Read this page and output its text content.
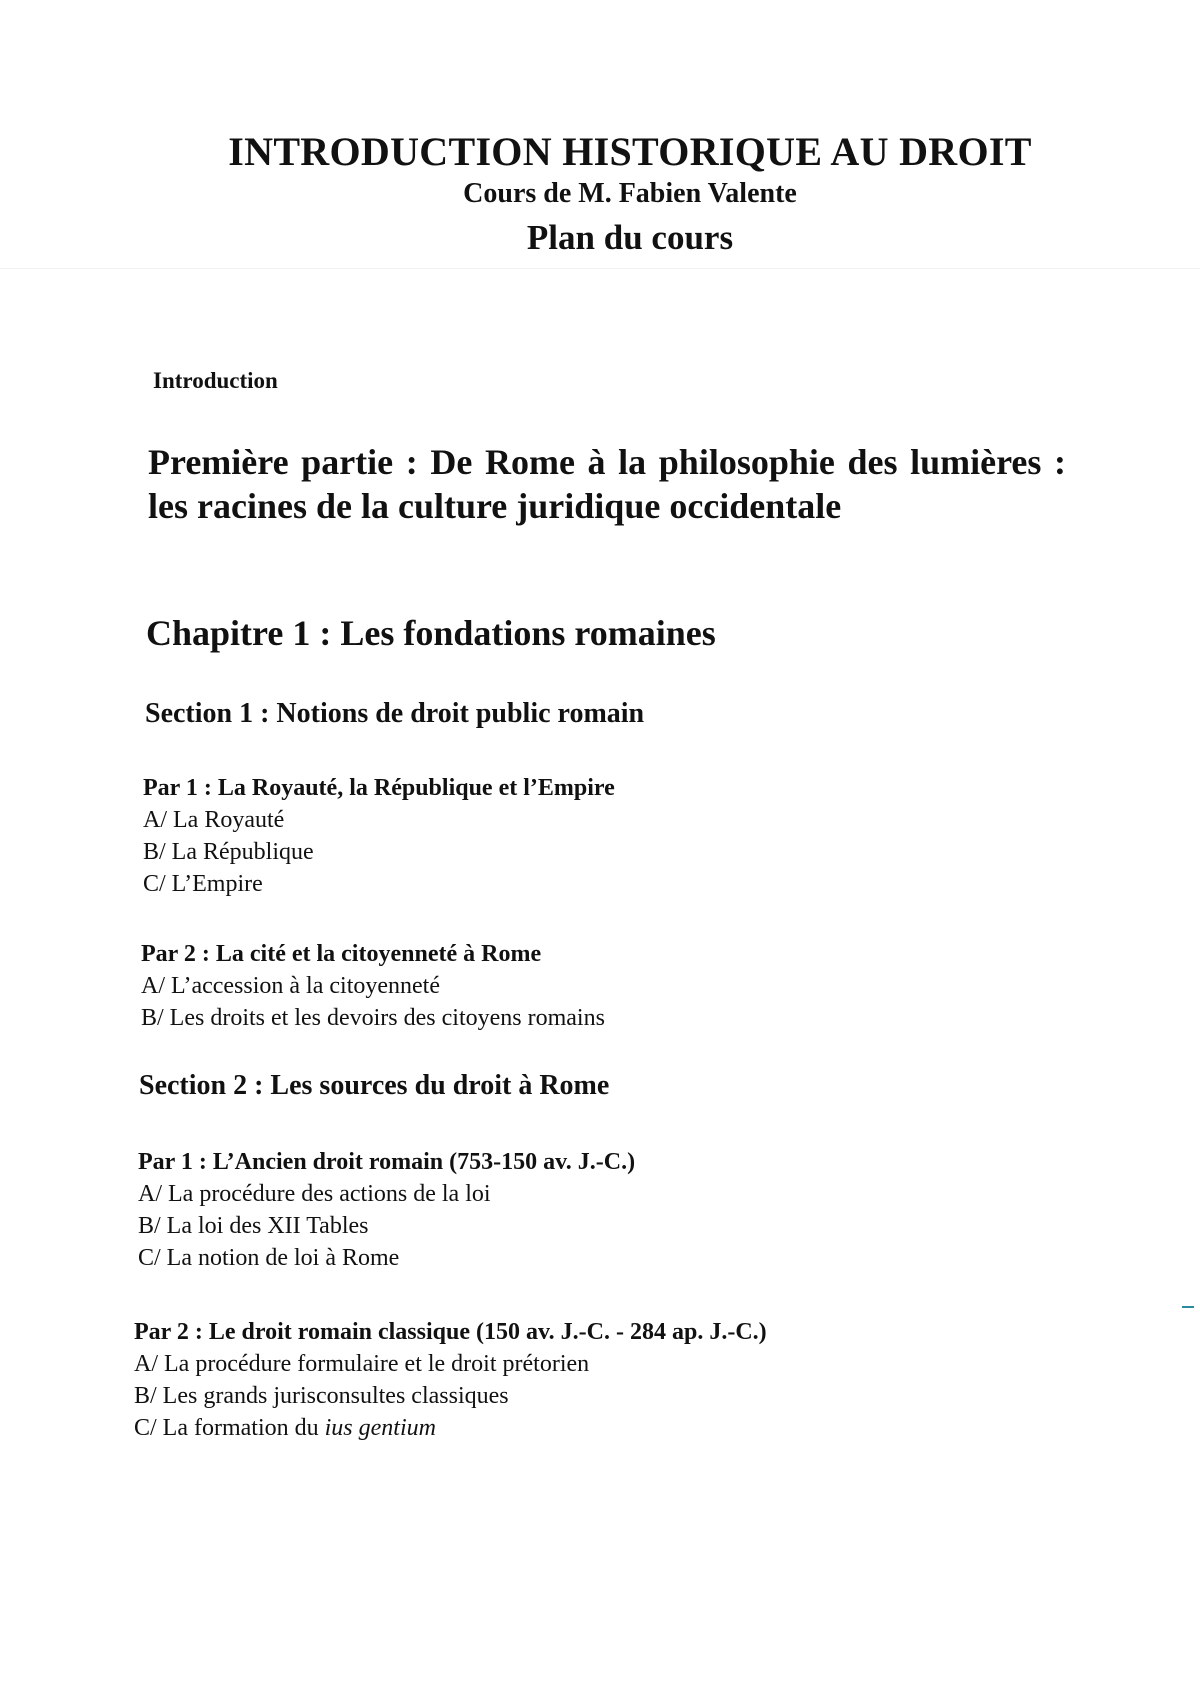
INTRODUCTION HISTORIQUE AU DROIT
Cours de M. Fabien Valente
Plan du cours
Introduction
Première partie : De Rome à la philosophie des lumières : les racines de la culture juridique occidentale
Chapitre 1 : Les fondations romaines
Section 1 : Notions de droit public romain
Par 1 : La Royauté, la République et l’Empire
A/ La Royauté
B/ La République
C/ L’Empire
Par 2 : La cité et la citoyenneté à Rome
A/ L’accession à la citoyenneté
B/ Les droits et les devoirs des citoyens romains
Section 2 : Les sources du droit à Rome
Par 1 : L’Ancien droit romain (753-150 av. J.-C.)
A/ La procédure des actions de la loi
B/ La loi des XII Tables
C/ La notion de loi à Rome
Par 2 : Le droit romain classique (150 av. J.-C. - 284 ap. J.-C.)
A/ La procédure formulaire et le droit prétorien
B/ Les grands jurisconsultes classiques
C/ La formation du ius gentium
